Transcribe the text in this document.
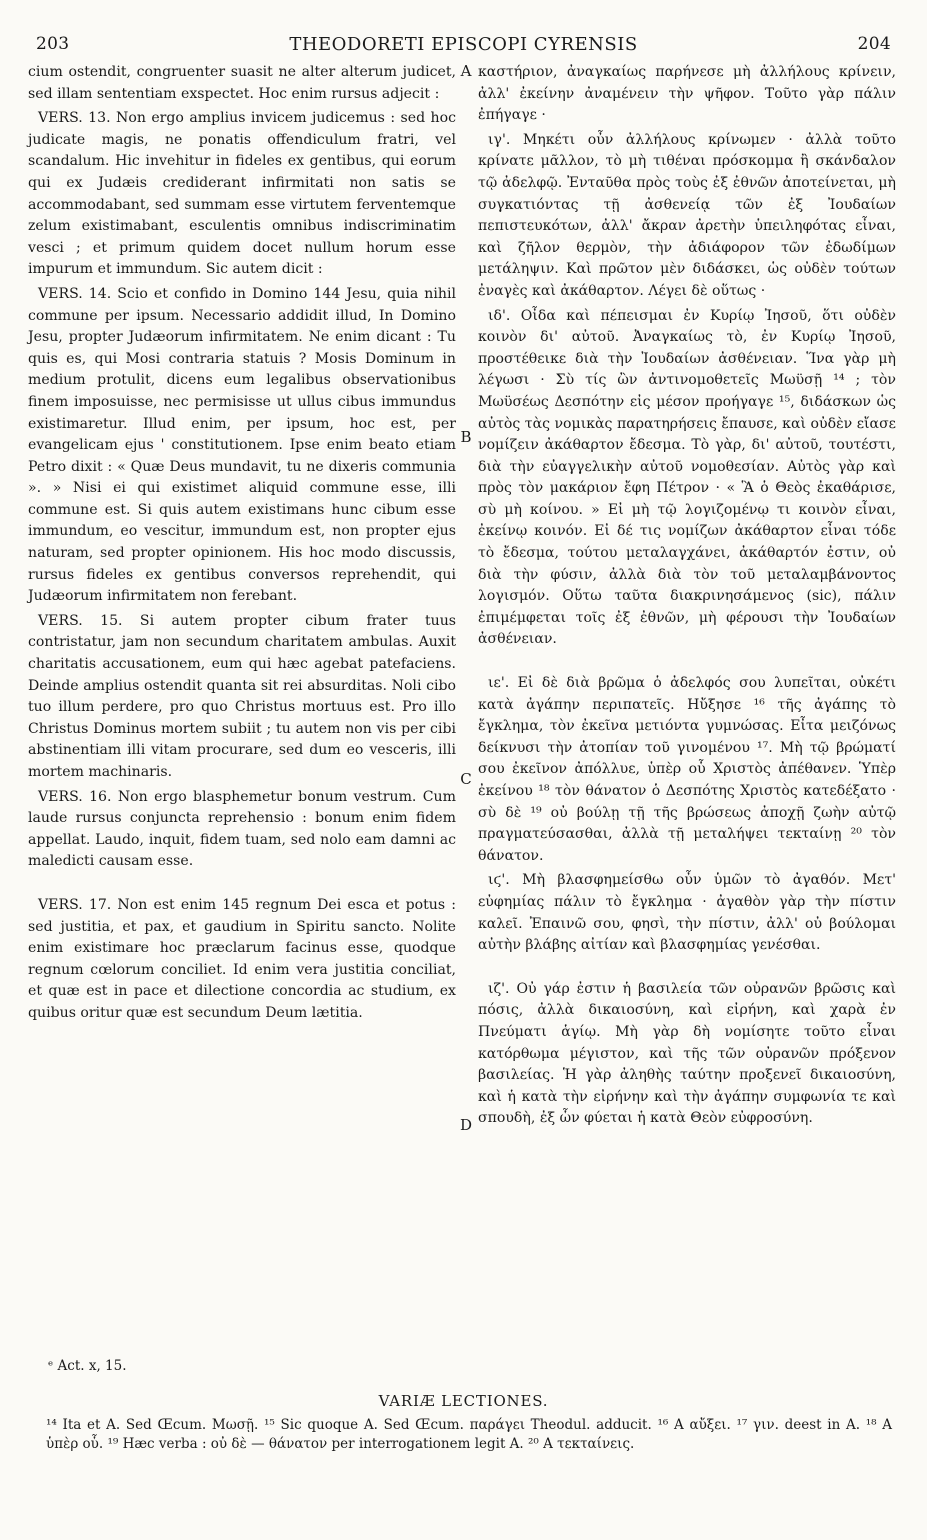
203	THEODORETI EPISCOPI CYRENSIS	204

cium ostendit, congruenter suasit ne alter alterum judicet, sed illam sententiam exspectet. Hoc enim rursus adjecit :

VERS. 13. Non ergo amplius invicem judicemus : sed hoc judicate magis, ne ponatis offendiculum fratri, vel scandalum. Hic invehitur in fideles ex gentibus, qui eorum qui ex Judæis crediderant infirmitati non satis se accommodabant, sed summam esse virtutem ferventemque zelum existimabant, esculentis omnibus indiscriminatim vesci ; et primum quidem docet nullum horum esse impurum et immundum. Sic autem dicit :

VERS. 14. Scio et confido in Domino 144 Jesu, quia nihil commune per ipsum. Necessario addidit illud, In Domino Jesu, propter Judæorum infirmitatem. Ne enim dicant : Tu quis es, qui Mosi contraria statuis ? Mosis Dominum in medium protulit, dicens eum legalibus observationibus finem imposuisse, nec permisisse ut ullus cibus immundus existimaretur. Illud enim, per ipsum, hoc est, per evangelicam ejus ' constitutionem. Ipse enim beato etiam Petro dixit : « Quæ Deus mundavit, tu ne dixeris communia ». » Nisi ei qui existimet aliquid commune esse, illi commune est. Si quis autem existimans hunc cibum esse immundum, eo vescitur, immundum est, non propter ejus naturam, sed propter opinionem. His hoc modo discussis, rursus fideles ex gentibus conversos reprehendit, qui Judæorum infirmitatem non ferebant.

VERS. 15. Si autem propter cibum frater tuus contristatur, jam non secundum charitatem ambulas. Auxit charitatis accusationem, eum qui hæc agebat patefaciens. Deinde amplius ostendit quanta sit rei absurditas. Noli cibo tuo illum perdere, pro quo Christus mortuus est. Pro illo Christus Dominus mortem subiit ; tu autem non vis per cibi abstinentiam illi vitam procurare, sed dum eo vesceris, illi mortem machinaris.

VERS. 16. Non ergo blasphemetur bonum vestrum. Cum laude rursus conjuncta reprehensio : bonum enim fidem appellat. Laudo, inquit, fidem tuam, sed nolo eam damni ac maledicti causam esse.

VERS. 17. Non est enim 145 regnum Dei esca et potus : sed justitia, et pax, et gaudium in Spiritu sancto. Nolite enim existimare hoc præclarum facinus esse, quodque regnum cœlorum conciliet. Id enim vera justitia conciliat, et quæ est in pace et dilectione concordia ac studium, ex quibus oritur quæ est secundum Deum lætitia.

A
B
C
D

καστήριον, ἀναγκαίως παρήνεσε μὴ ἀλλήλους κρίνειν, ἀλλ' ἐκείνην ἀναμένειν τὴν ψῆφον. Τοῦτο γὰρ πάλιν ἐπήγαγε ·

ιγ'. Μηκέτι οὖν ἀλλήλους κρίνωμεν · ἀλλὰ τοῦτο κρίνατε μᾶλλον, τὸ μὴ τιθέναι πρόσκομμα ἢ σκάνδαλον τῷ ἀδελφῷ. Ἐνταῦθα πρὸς τοὺς ἐξ ἐθνῶν ἀποτείνεται, μὴ συγκατιόντας τῇ ἀσθενείᾳ τῶν ἐξ Ἰουδαίων πεπιστευκότων, ἀλλ' ἄκραν ἀρετὴν ὑπειληφότας εἶναι, καὶ ζῆλον θερμὸν, τὴν ἀδιάφορον τῶν ἐδωδίμων μετάληψιν. Καὶ πρῶτον μὲν διδάσκει, ὡς οὐδὲν τούτων ἐναγὲς καὶ ἀκάθαρτον. Λέγει δὲ οὕτως ·

ιδ'. Οἶδα καὶ πέπεισμαι ἐν Κυρίῳ Ἰησοῦ, ὅτι οὐδὲν κοινὸν δι' αὐτοῦ. Ἀναγκαίως τὸ, ἐν Κυρίῳ Ἰησοῦ, προστέθεικε διὰ τὴν Ἰουδαίων ἀσθένειαν. Ἵνα γὰρ μὴ λέγωσι · Σὺ τίς ὢν ἀντινομοθετεῖς Μωϋσῇ ¹⁴ ; τὸν Μωϋσέως Δεσπότην εἰς μέσον προήγαγε ¹⁵, διδάσκων ὡς αὐτὸς τὰς νομικὰς παρατηρήσεις ἔπαυσε, καὶ οὐδὲν εἴασε νομίζειν ἀκάθαρτον ἔδεσμα. Τὸ γὰρ, δι' αὐτοῦ, τουτέστι, διὰ τὴν εὐαγγελικὴν αὐτοῦ νομοθεσίαν. Αὐτὸς γὰρ καὶ πρὸς τὸν μακάριον ἔφη Πέτρον · « Ἃ ὁ Θεὸς ἐκαθάρισε, σὺ μὴ κοίνου. » Εἰ μὴ τῷ λογιζομένῳ τι κοινὸν εἶναι, ἐκείνῳ κοινόν. Εἰ δέ τις νομίζων ἀκάθαρτον εἶναι τόδε τὸ ἔδεσμα, τούτου μεταλαγχάνει, ἀκάθαρτόν ἐστιν, οὐ διὰ τὴν φύσιν, ἀλλὰ διὰ τὸν τοῦ μεταλαμβάνοντος λογισμόν. Οὕτω ταῦτα διακρινησάμενος (sic), πάλιν ἐπιμέμφεται τοῖς ἐξ ἐθνῶν, μὴ φέρουσι τὴν Ἰουδαίων ἀσθένειαν.

ιε'. Εἰ δὲ διὰ βρῶμα ὁ ἀδελφός σου λυπεῖται, οὐκέτι κατὰ ἀγάπην περιπατεῖς. Ηὔξησε ¹⁶ τῆς ἀγάπης τὸ ἔγκλημα, τὸν ἐκεῖνα μετιόντα γυμνώσας. Εἶτα μειζόνως δείκνυσι τὴν ἀτοπίαν τοῦ γινομένου ¹⁷. Μὴ τῷ βρώματί σου ἐκεῖνον ἀπόλλυε, ὑπὲρ οὗ Χριστὸς ἀπέθανεν. Ὑπὲρ ἐκείνου ¹⁸ τὸν θάνατον ὁ Δεσπότης Χριστὸς κατεδέξατο · σὺ δὲ ¹⁹ οὐ βούλῃ τῇ τῆς βρώσεως ἀποχῇ ζωὴν αὐτῷ πραγματεύσασθαι, ἀλλὰ τῇ μεταλήψει τεκταίνῃ ²⁰ τὸν θάνατον.

ιϛ'. Μὴ βλασφημείσθω οὖν ὑμῶν τὸ ἀγαθόν. Μετ' εὐφημίας πάλιν τὸ ἔγκλημα · ἀγαθὸν γὰρ τὴν πίστιν καλεῖ. Ἐπαινῶ σου, φησὶ, τὴν πίστιν, ἀλλ' οὐ βούλομαι αὐτὴν βλάβης αἰτίαν καὶ βλασφημίας γενέσθαι.

ιζ'. Οὐ γάρ ἐστιν ἡ βασιλεία τῶν οὐρανῶν βρῶσις καὶ πόσις, ἀλλὰ δικαιοσύνη, καὶ εἰρήνη, καὶ χαρὰ ἐν Πνεύματι ἁγίῳ. Μὴ γὰρ δὴ νομίσητε τοῦτο εἶναι κατόρθωμα μέγιστον, καὶ τῆς τῶν οὐρανῶν πρόξενον βασιλείας. Ἡ γὰρ ἀληθὴς ταύτην προξενεῖ δικαιοσύνη, καὶ ἡ κατὰ τὴν εἰρήνην καὶ τὴν ἀγάπην συμφωνία τε καὶ σπουδὴ, ἐξ ὧν φύεται ἡ κατὰ Θεὸν εὐφροσύνη.

ᵉ Act. x, 15.
VARIÆ LECTIONES.

¹⁴ Ita et A. Sed Œcum. Μωσῇ. ¹⁵ Sic quoque A. Sed Œcum. παράγει Theodul. adducit. ¹⁶ A αὔξει. ¹⁷ γιν. deest in A. ¹⁸ A ὑπὲρ οὗ. ¹⁹ Hæc verba : οὐ δὲ — θάνατον per interrogationem legit A. ²⁰ A τεκταίνεις.
